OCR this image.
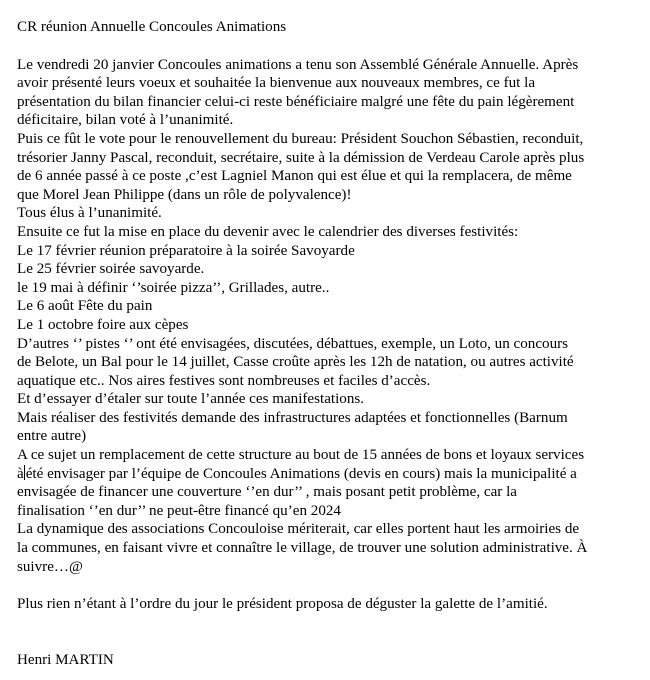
CR réunion Annuelle Concoules Animations
Le vendredi 20 janvier Concoules animations a tenu son Assemblé Générale Annuelle. Après
avoir présenté leurs voeux et souhaitée la bienvenue aux nouveaux membres, ce fut la
présentation du bilan financier celui-ci reste bénéficiaire malgré une fête du pain légèrement
déficitaire, bilan voté à l’unanimité.
Puis ce fût le vote pour le renouvellement du bureau: Président Souchon Sébastien, reconduit,
trésorier Janny Pascal, reconduit, secrétaire, suite à la démission de Verdeau Carole après plus
de 6 année passé à ce poste ,c’est Lagniel Manon qui est élue et qui la remplacera, de même
que Morel Jean Philippe (dans un rôle de polyvalence)!
Tous élus à l’unanimité.
Ensuite ce fut la mise en place du devenir avec le calendrier des diverses festivités:
Le 17 février réunion préparatoire à la soirée Savoyarde
Le 25 février soirée savoyarde.
le 19 mai à définir ‘’soirée pizza’’, Grillades, autre..
Le 6 août Fête du pain
Le 1 octobre foire aux cèpes
D’autres ‘’ pistes ‘’ ont été envisagées, discutées, débattues, exemple, un Loto, un concours
de Belote, un Bal pour le 14 juillet, Casse croûte après les 12h de natation, ou autres activité
aquatique etc.. Nos aires festives sont nombreuses et faciles d’accès.
Et d’essayer d’étaler sur toute l’année ces manifestations.
Mais réaliser des festivités demande des infrastructures adaptées et fonctionnelles (Barnum
entre autre)
A ce sujet un remplacement de cette structure au bout de 15 années de bons et loyaux services
à été envisager par l’équipe de Concoules Animations (devis en cours) mais la municipalité a
envisagée de financer une couverture ‘’en dur’’ , mais posant petit problème, car la
finalisation ‘’en dur’’ ne peut-être financé qu’en 2024
La dynamique des associations Concouloise mériterait, car elles portent haut les armoiries de
la communes, en faisant vivre et connaître le village, de trouver une solution administrative. À
suivre…@
Plus rien n’étant à l’ordre du jour le président proposa de déguster la galette de l’amitié.
Henri MARTIN
